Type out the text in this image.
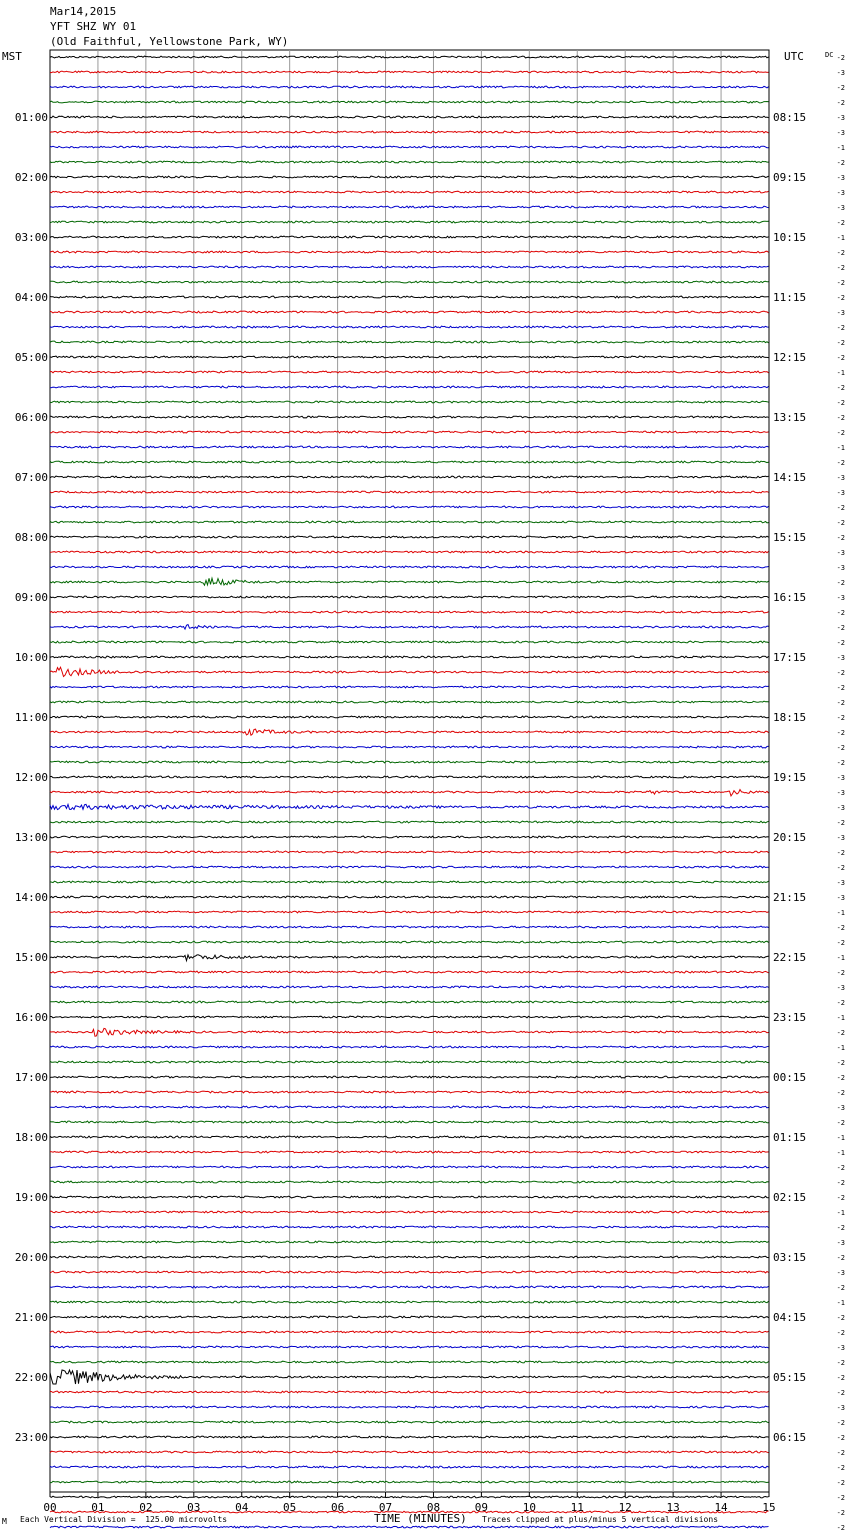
Mar14,2015
YFT SHZ WY 01
(Old Faithful, Yellowstone Park, WY)
MST	UTC
00	01	02	03	04	05	06	07	08	09	10	11	12	13	14	15
DC -2
-3
-2
-2
-3
-3
-1
-2
-3
-3
-3
-2
-1
-2
-2
-2
-2
-3
-2
-2
-2
-1
-2
-2
-2
-2
-1
-2
-3
-3
-2
-2
-2
-3
-3
-2
-3
-2
-2
-2
-3
-2
-2
-2
-2
-2
-2
-2
-3
-3
-3
-2
-3
-2
-2
-3
-3
-1
-2
-2
-1
-2
-3
-2
-1
-2
-1
-2
-2
-2
-3
-2
-1
-1
-2
-2
-2
-1
-2
-3
-2
-3
-2
-1
-2
-2
-3
-2
-2
-2
-3
-2
-2
-2
-2
-2
-2
-2
-2
01:00	08:15
02:00	09:15
03:00	10:15
04:00	11:15
05:00	12:15
06:00	13:15
07:00	14:15
08:00	15:15
09:00	16:15
10:00	17:15
11:00	18:15
12:00	19:15
13:00	20:15
14:00	21:15
15:00	22:15
16:00	23:15
17:00	00:15
18:00	01:15
19:00	02:15
20:00	03:15
21:00	04:15
22:00	05:15
23:00	06:15
M Each Vertical Division =  125.00 microvolts	TIME (MINUTES) Traces clipped at plus/minus 5 vertical divisions
